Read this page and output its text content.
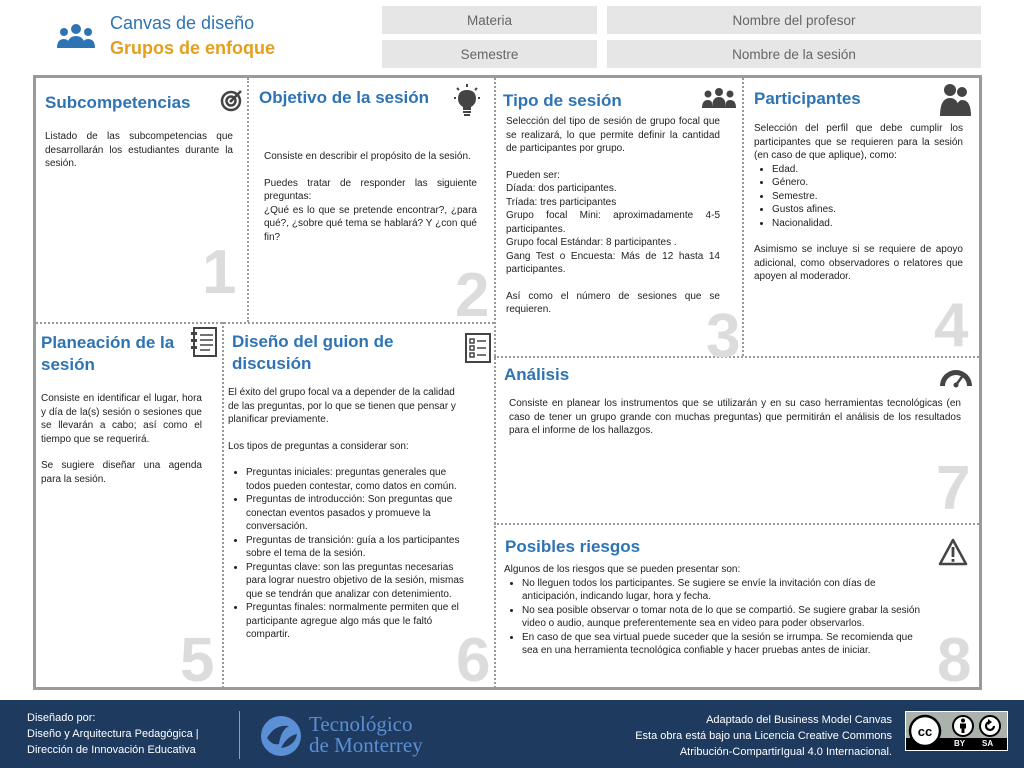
Canvas de diseño
Grupos de enfoque
Materia	Nombre del profesor
Semestre	Nombre de la sesión
Subcompetencias
Listado de las subcompetencias que desarrollarán los estudiantes durante la sesión.
1
Objetivo de la sesión

Consiste en describir el propósito de la sesión.

Puedes tratar de responder las siguiente preguntas:

¿Qué es lo que se pretende encontrar?, ¿para qué?, ¿sobre qué tema se hablará? Y ¿con qué fin?

2
Tipo de sesión

Selección del tipo de sesión de grupo focal que se realizará, lo que permite definir la cantidad de participantes por grupo.

Pueden ser:

Díada: dos participantes.

Tríada: tres participantes

Grupo focal Mini: aproximadamente 4-5 participantes.

Grupo focal Estándar: 8 participantes .

Gang Test o Encuesta: Más de 12 hasta 14 participantes.

Así como el número de sesiones que se requieren.	3
Participantes

Selección del perfil que debe cumplir los participantes que se requieren para la sesión (en caso de que aplique), como:

• Edad.
• Género.
• Semestre.
• Gustos afines.
• Nacionalidad.

Asimismo se incluye si se requiere de apoyo adicional, como observadores o relatores que apoyen al moderador.

4
Planeación de la sesión

Consiste en identificar el lugar, hora y día de la(s) sesión o sesiones que se llevarán a cabo; así como el tiempo que se requerirá.

Se sugiere diseñar una agenda para la sesión.

5
Diseño del guion de discusión

El éxito del grupo focal va a depender de la calidad de las preguntas, por lo que se tienen que pensar y planificar previamente.

Los tipos de preguntas a considerar son:

• Preguntas iniciales: preguntas generales que todos pueden contestar, como datos en común.
• Preguntas de introducción: Son preguntas que conectan eventos pasados y promueve la conversación.
• Preguntas de transición: guía a los participantes sobre el tema de la sesión.
• Preguntas clave: son las preguntas necesarias para lograr nuestro objetivo de la sesión, mismas que se tendrán que analizar con detenimiento.
• Preguntas finales: normalmente permiten que el participante agregue algo más que le faltó compartir.	6
Análisis
Consiste en planear los instrumentos que se utilizarán y en su caso herramientas tecnológicas (en caso de tener un grupo grande con muchas preguntas) que permitirán el análisis de los resultados para el informe de los hallazgos.
7
Posibles riesgos

Algunos de los riesgos que se pueden presentar son:

• No lleguen todos los participantes. Se sugiere se envíe la invitación con días de anticipación, indicando lugar, hora y fecha.
• No sea posible observar o tomar nota de lo que se compartió. Se sugiere grabar la sesión video o audio, aunque preferentemente sea en video para poder observarlos.
• En caso de que sea virtual puede suceder que la sesión se irrumpa. Se recomienda que sea en una herramienta tecnológica confiable y hacer pruebas antes de iniciar.	8
Diseñado por:
Diseño y Arquitectura Pedagógica |
Dirección de Innovación Educativa
Tecnológico
de Monterrey
Adaptado del Business Model Canvas
Esta obra está bajo una Licencia Creative Commons
Atribución-CompartirIgual 4.0 Internacional.
cc
BY SA
